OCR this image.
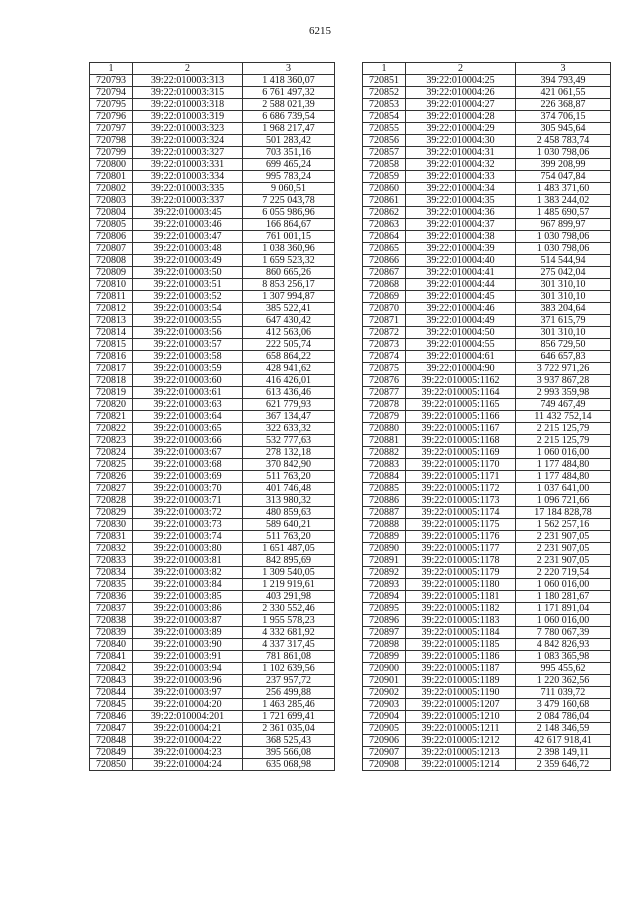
6215
1	2	3
720793	39:22:010003:313	1 418 360,07
720794	39:22:010003:315	6 761 497,32
720795	39:22:010003:318	2 588 021,39
720796	39:22:010003:319	6 686 739,54
720797	39:22:010003:323	1 968 217,47
720798	39:22:010003:324	501 283,42
720799	39:22:010003:327	703 351,16
720800	39:22:010003:331	699 465,24
720801	39:22:010003:334	995 783,24
720802	39:22:010003:335	9 060,51
720803	39:22:010003:337	7 225 043,78
720804	39:22:010003:45	6 055 986,96
720805	39:22:010003:46	166 864,67
720806	39:22:010003:47	761 001,15
720807	39:22:010003:48	1 038 360,96
720808	39:22:010003:49	1 659 523,32
720809	39:22:010003:50	860 665,26
720810	39:22:010003:51	8 853 256,17
720811	39:22:010003:52	1 307 994,87
720812	39:22:010003:54	385 522,41
720813	39:22:010003:55	647 430,42
720814	39:22:010003:56	412 563,06
720815	39:22:010003:57	222 505,74
720816	39:22:010003:58	658 864,22
720817	39:22:010003:59	428 941,62
720818	39:22:010003:60	416 426,01
720819	39:22:010003:61	613 436,46
720820	39:22:010003:63	621 779,93
720821	39:22:010003:64	367 134,47
720822	39:22:010003:65	322 633,32
720823	39:22:010003:66	532 777,63
720824	39:22:010003:67	278 132,18
720825	39:22:010003:68	370 842,90
720826	39:22:010003:69	511 763,20
720827	39:22:010003:70	401 746,48
720828	39:22:010003:71	313 980,32
720829	39:22:010003:72	480 859,63
720830	39:22:010003:73	589 640,21
720831	39:22:010003:74	511 763,20
720832	39:22:010003:80	1 651 487,05
720833	39:22:010003:81	842 895,69
720834	39:22:010003:82	1 309 540,05
720835	39:22:010003:84	1 219 919,61
720836	39:22:010003:85	403 291,98
720837	39:22:010003:86	2 330 552,46
720838	39:22:010003:87	1 955 578,23
720839	39:22:010003:89	4 332 681,92
720840	39:22:010003:90	4 337 317,45
720841	39:22:010003:91	781 861,08
720842	39:22:010003:94	1 102 639,56
720843	39:22:010003:96	237 957,72
720844	39:22:010003:97	256 499,88
720845	39:22:010004:20	1 463 285,46
720846	39:22:010004:201	1 721 699,41
720847	39:22:010004:21	2 361 035,04
720848	39:22:010004:22	368 525,43
720849	39:22:010004:23	395 566,08
720850	39:22:010004:24	635 068,98
1	2	3
720851	39:22:010004:25	394 793,49
720852	39:22:010004:26	421 061,55
720853	39:22:010004:27	226 368,87
720854	39:22:010004:28	374 706,15
720855	39:22:010004:29	305 945,64
720856	39:22:010004:30	2 458 783,74
720857	39:22:010004:31	1 030 798,06
720858	39:22:010004:32	399 208,99
720859	39:22:010004:33	754 047,84
720860	39:22:010004:34	1 483 371,60
720861	39:22:010004:35	1 383 244,02
720862	39:22:010004:36	1 485 690,57
720863	39:22:010004:37	967 899,97
720864	39:22:010004:38	1 030 798,06
720865	39:22:010004:39	1 030 798,06
720866	39:22:010004:40	514 544,94
720867	39:22:010004:41	275 042,04
720868	39:22:010004:44	301 310,10
720869	39:22:010004:45	301 310,10
720870	39:22:010004:46	383 204,64
720871	39:22:010004:49	371 615,79
720872	39:22:010004:50	301 310,10
720873	39:22:010004:55	856 729,50
720874	39:22:010004:61	646 657,83
720875	39:22:010004:90	3 722 971,26
720876	39:22:010005:1162	3 937 867,28
720877	39:22:010005:1164	2 993 359,98
720878	39:22:010005:1165	749 467,49
720879	39:22:010005:1166	11 432 752,14
720880	39:22:010005:1167	2 215 125,79
720881	39:22:010005:1168	2 215 125,79
720882	39:22:010005:1169	1 060 016,00
720883	39:22:010005:1170	1 177 484,80
720884	39:22:010005:1171	1 177 484,80
720885	39:22:010005:1172	1 037 641,00
720886	39:22:010005:1173	1 096 721,66
720887	39:22:010005:1174	17 184 828,78
720888	39:22:010005:1175	1 562 257,16
720889	39:22:010005:1176	2 231 907,05
720890	39:22:010005:1177	2 231 907,05
720891	39:22:010005:1178	2 231 907,05
720892	39:22:010005:1179	2 220 719,54
720893	39:22:010005:1180	1 060 016,00
720894	39:22:010005:1181	1 180 281,67
720895	39:22:010005:1182	1 171 891,04
720896	39:22:010005:1183	1 060 016,00
720897	39:22:010005:1184	7 780 067,39
720898	39:22:010005:1185	4 842 826,93
720899	39:22:010005:1186	1 083 365,98
720900	39:22:010005:1187	995 455,62
720901	39:22:010005:1189	1 220 362,56
720902	39:22:010005:1190	711 039,72
720903	39:22:010005:1207	3 479 160,68
720904	39:22:010005:1210	2 084 786,04
720905	39:22:010005:1211	2 148 346,59
720906	39:22:010005:1212	42 617 918,41
720907	39:22:010005:1213	2 398 149,11
720908	39:22:010005:1214	2 359 646,72
